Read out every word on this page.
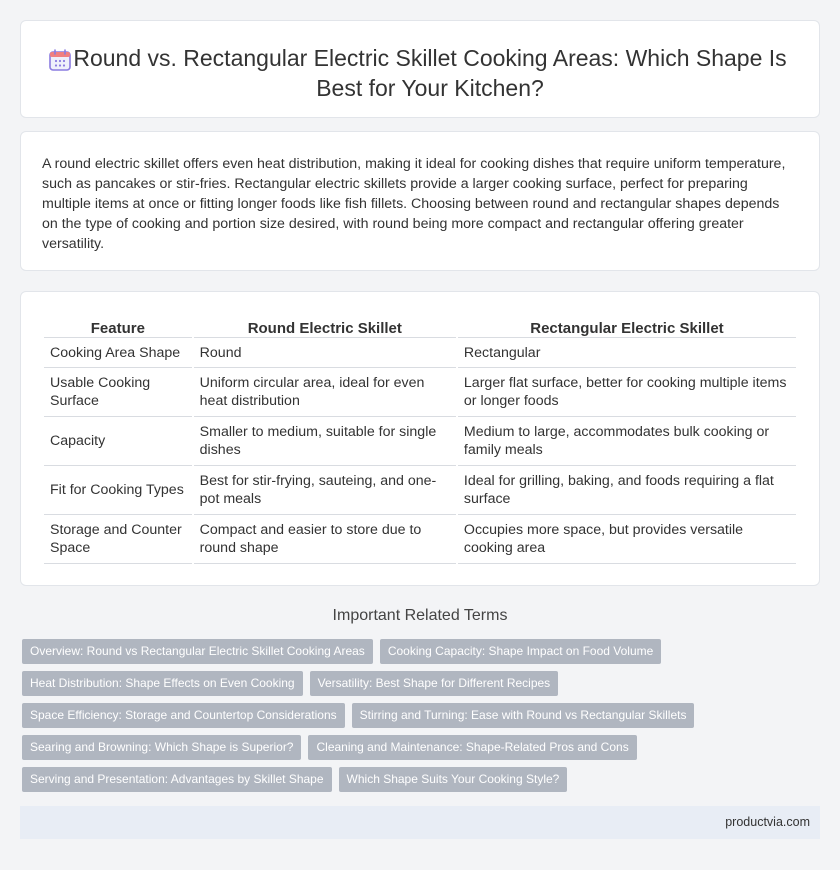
Round vs. Rectangular Electric Skillet Cooking Areas: Which Shape Is Best for Your Kitchen?

A round electric skillet offers even heat distribution, making it ideal for cooking dishes that require uniform temperature, such as pancakes or stir-fries. Rectangular electric skillets provide a larger cooking surface, perfect for preparing multiple items at once or fitting longer foods like fish fillets. Choosing between round and rectangular shapes depends on the type of cooking and portion size desired, with round being more compact and rectangular offering greater versatility.

Feature	Round Electric Skillet	Rectangular Electric Skillet
Cooking Area Shape	Round	Rectangular
Usable Cooking Surface	Uniform circular area, ideal for even heat distribution	Larger flat surface, better for cooking multiple items or longer foods
Capacity	Smaller to medium, suitable for single dishes	Medium to large, accommodates bulk cooking or family meals
Fit for Cooking Types	Best for stir-frying, sauteing, and one-pot meals	Ideal for grilling, baking, and foods requiring a flat surface
Storage and Counter Space	Compact and easier to store due to round shape	Occupies more space, but provides versatile cooking area
Important Related Terms
Overview: Round vs Rectangular Electric Skillet Cooking Areas	Cooking Capacity: Shape Impact on Food Volume
Heat Distribution: Shape Effects on Even Cooking	Versatility: Best Shape for Different Recipes
Space Efficiency: Storage and Countertop Considerations	Stirring and Turning: Ease with Round vs Rectangular Skillets
Searing and Browning: Which Shape is Superior?	Cleaning and Maintenance: Shape-Related Pros and Cons
Serving and Presentation: Advantages by Skillet Shape	Which Shape Suits Your Cooking Style?
productvia.com
